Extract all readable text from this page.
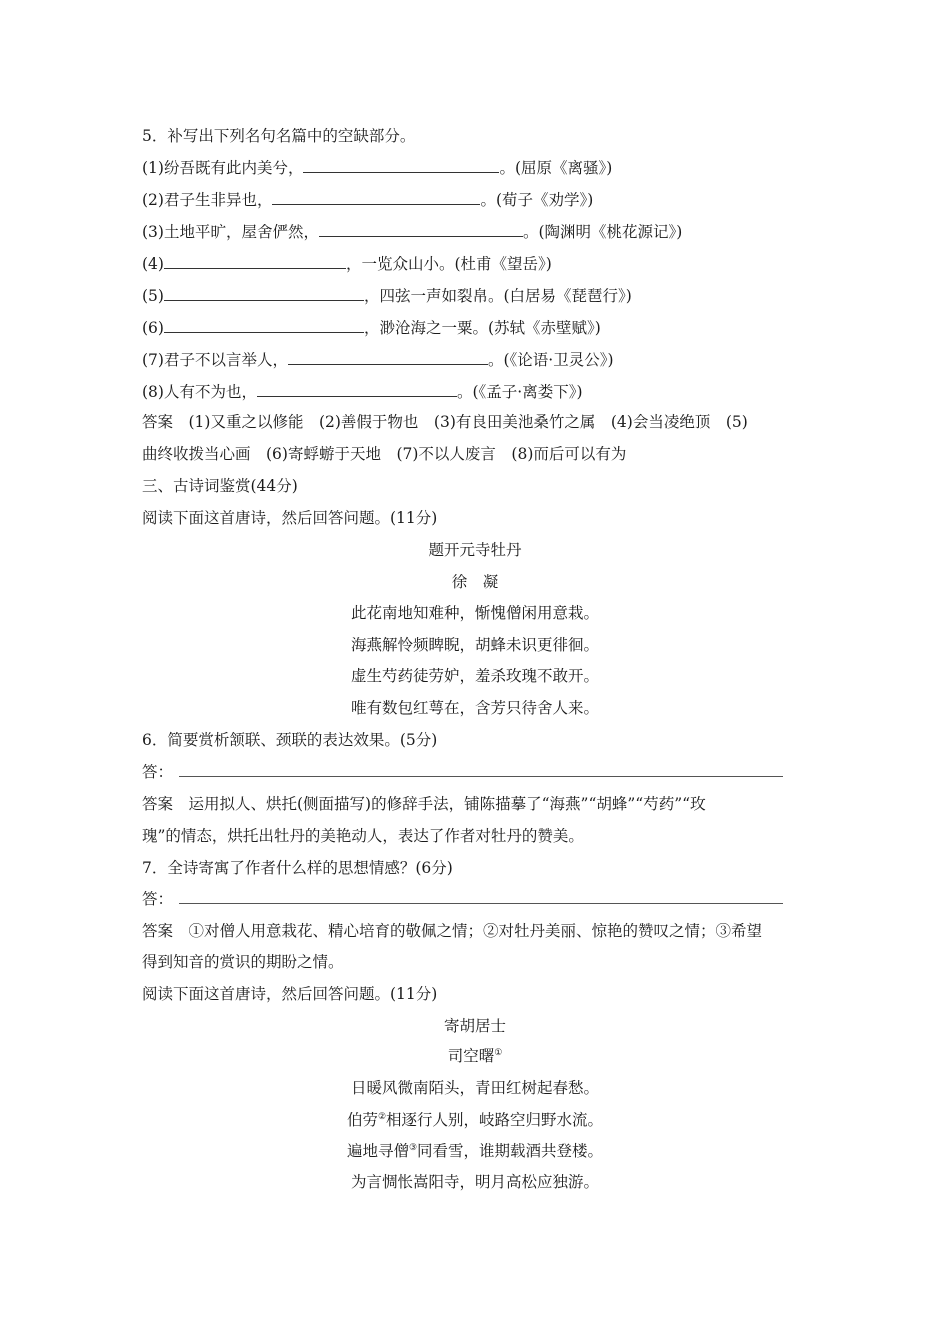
5．补写出下列名句名篇中的空缺部分。
(1)纷吾既有此内美兮，	。(屈原《离骚》)
(2)君子生非异也，	。(荀子《劝学》)
(3)土地平旷，屋舍俨然，	。(陶渊明《桃花源记》)
(4)	，一览众山小。(杜甫《望岳》)
(5)	，四弦一声如裂帛。(白居易《琵琶行》)
(6)	，渺沧海之一粟。(苏轼《赤壁赋》)
(7)君子不以言举人，	。(《论语·卫灵公》)
(8)人有不为也，	。(《孟子·离娄下》)
答案　(1)又重之以修能　(2)善假于物也　(3)有良田美池桑竹之属　(4)会当凌绝顶　(5)
曲终收拨当心画　(6)寄蜉蝣于天地　(7)不以人废言　(8)而后可以有为
三、古诗词鉴赏(44分)
阅读下面这首唐诗，然后回答问题。(11分)
题开元寺牡丹
徐　凝
此花南地知难种，惭愧僧闲用意栽。
海燕解怜频睥睨，胡蜂未识更徘徊。
虚生芍药徒劳妒，羞杀玫瑰不敢开。
唯有数包红萼在，含芳只待舍人来。
6．简要赏析颔联、颈联的表达效果。(5分)
答：
答案　运用拟人、烘托(侧面描写)的修辞手法，铺陈描摹了“海燕”“胡蜂”“芍药”“玫
瑰”的情态，烘托出牡丹的美艳动人，表达了作者对牡丹的赞美。
7．全诗寄寓了作者什么样的思想情感？(6分)
答：
答案　①对僧人用意栽花、精心培育的敬佩之情；②对牡丹美丽、惊艳的赞叹之情；③希望
得到知音的赏识的期盼之情。
阅读下面这首唐诗，然后回答问题。(11分)
寄胡居士
司空曙①
日暖风微南陌头，青田红树起春愁。
伯劳②相逐行人别，岐路空归野水流。
遍地寻僧③同看雪，谁期载酒共登楼。
为言惆怅嵩阳寺，明月高松应独游。
